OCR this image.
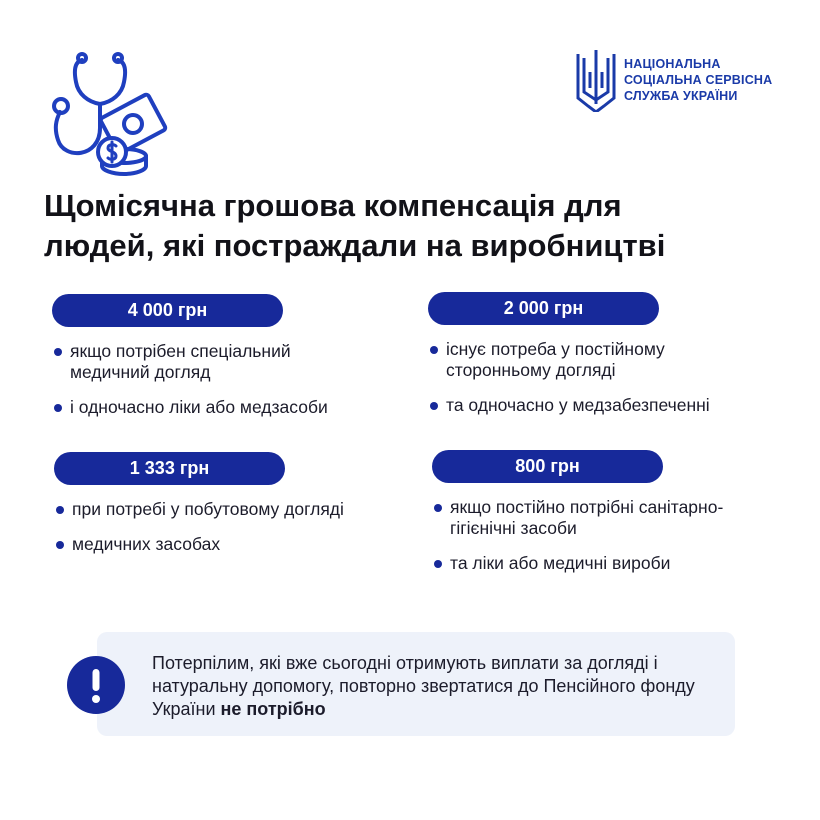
НАЦІОНАЛЬНА
СОЦІАЛЬНА СЕРВІСНА
СЛУЖБА УКРАЇНИ
Щомісячна грошова компенсація для
людей, які постраждали на виробництві
4 000 грн
якщо потрібен спеціальний медичний догляд
і одночасно ліки або медзасоби
2 000 грн
існує потреба у постійному сторонньому догляді
та одночасно у медзабезпеченні
1 333 грн
при потребі у побутовому догляді
медичних засобах
800 грн
якщо постійно потрібні санітарно-гігієнічні засоби
та ліки або медичні вироби

Потерпілим, які вже сьогодні отримують виплати за догляді і натуральну допомогу, повторно звертатися до Пенсійного фонду України не потрібно
